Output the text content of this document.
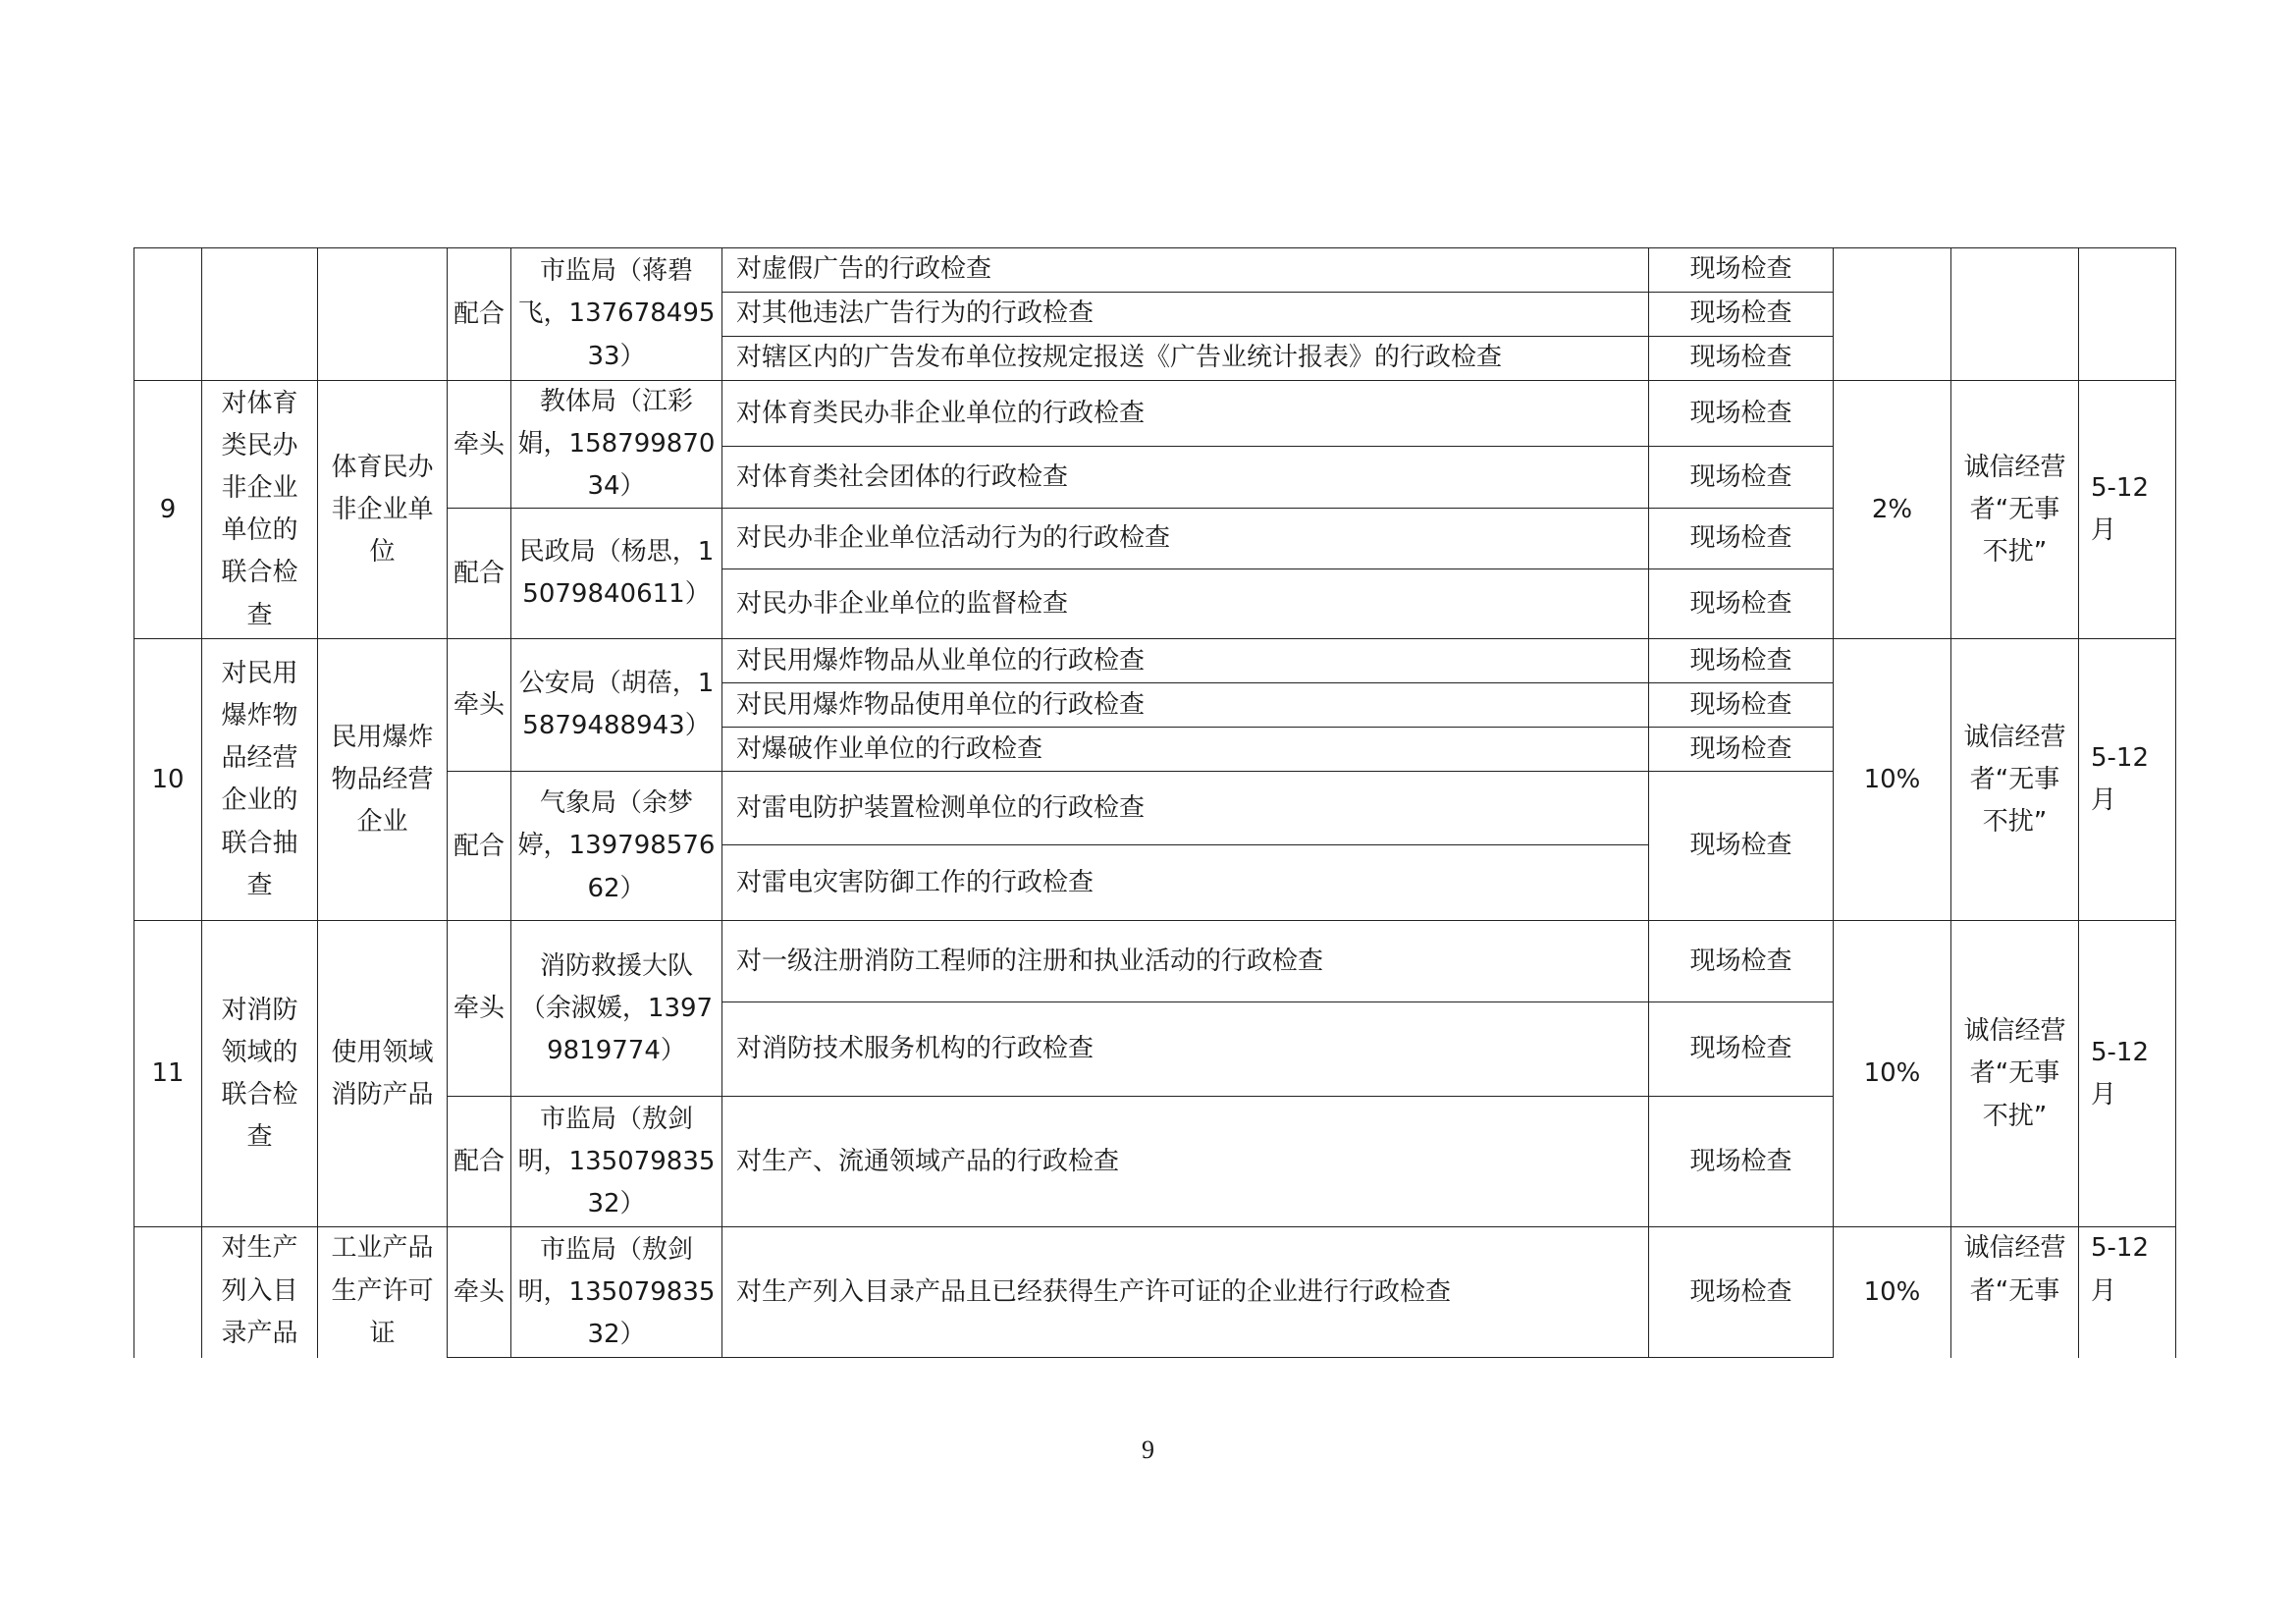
			配合	市监局（蒋碧飞，13767849533）	对虚假广告的行政检查	现场检查			
					对其他违法广告行为的行政检查	现场检查			
					对辖区内的广告发布单位按规定报送《广告业统计报表》的行政检查	现场检查			
9	对体育类民办非企业单位的联合检查	体育民办非企业单位	牵头	教体局（江彩娟，15879987034）	对体育类民办非企业单位的行政检查	现场检查	2%	诚信经营者“无事不扰”	5-12月
					对体育类社会团体的行政检查	现场检查			
			配合	民政局（杨思，15079840611）	对民办非企业单位活动行为的行政检查	现场检查			
					对民办非企业单位的监督检查	现场检查			
10	对民用爆炸物品经营企业的联合抽查	民用爆炸物品经营企业	牵头	公安局（胡蓓，15879488943）	对民用爆炸物品从业单位的行政检查	现场检查	10%	诚信经营者“无事不扰”	5-12月
					对民用爆炸物品使用单位的行政检查	现场检查			
					对爆破作业单位的行政检查	现场检查			
			配合	气象局（余梦婷，13979857662）	对雷电防护装置检测单位的行政检查	现场检查			
					对雷电灾害防御工作的行政检查				
11	对消防领域的联合检查	使用领域消防产品	牵头	消防救援大队（余淑媛，13979819774）	对一级注册消防工程师的注册和执业活动的行政检查	现场检查	10%	诚信经营者“无事不扰”	5-12月
					对消防技术服务机构的行政检查	现场检查			
			配合	市监局（敖剑明，13507983532）	对生产、流通领域产品的行政检查	现场检查			

	对生产列入目录产品	工业产品生产许可证	牵头	市监局（敖剑明，13507983532）	对生产列入目录产品且已经获得生产许可证的企业进行行政检查	现场检查	10%	诚信经营者“无事	5-12月
9
